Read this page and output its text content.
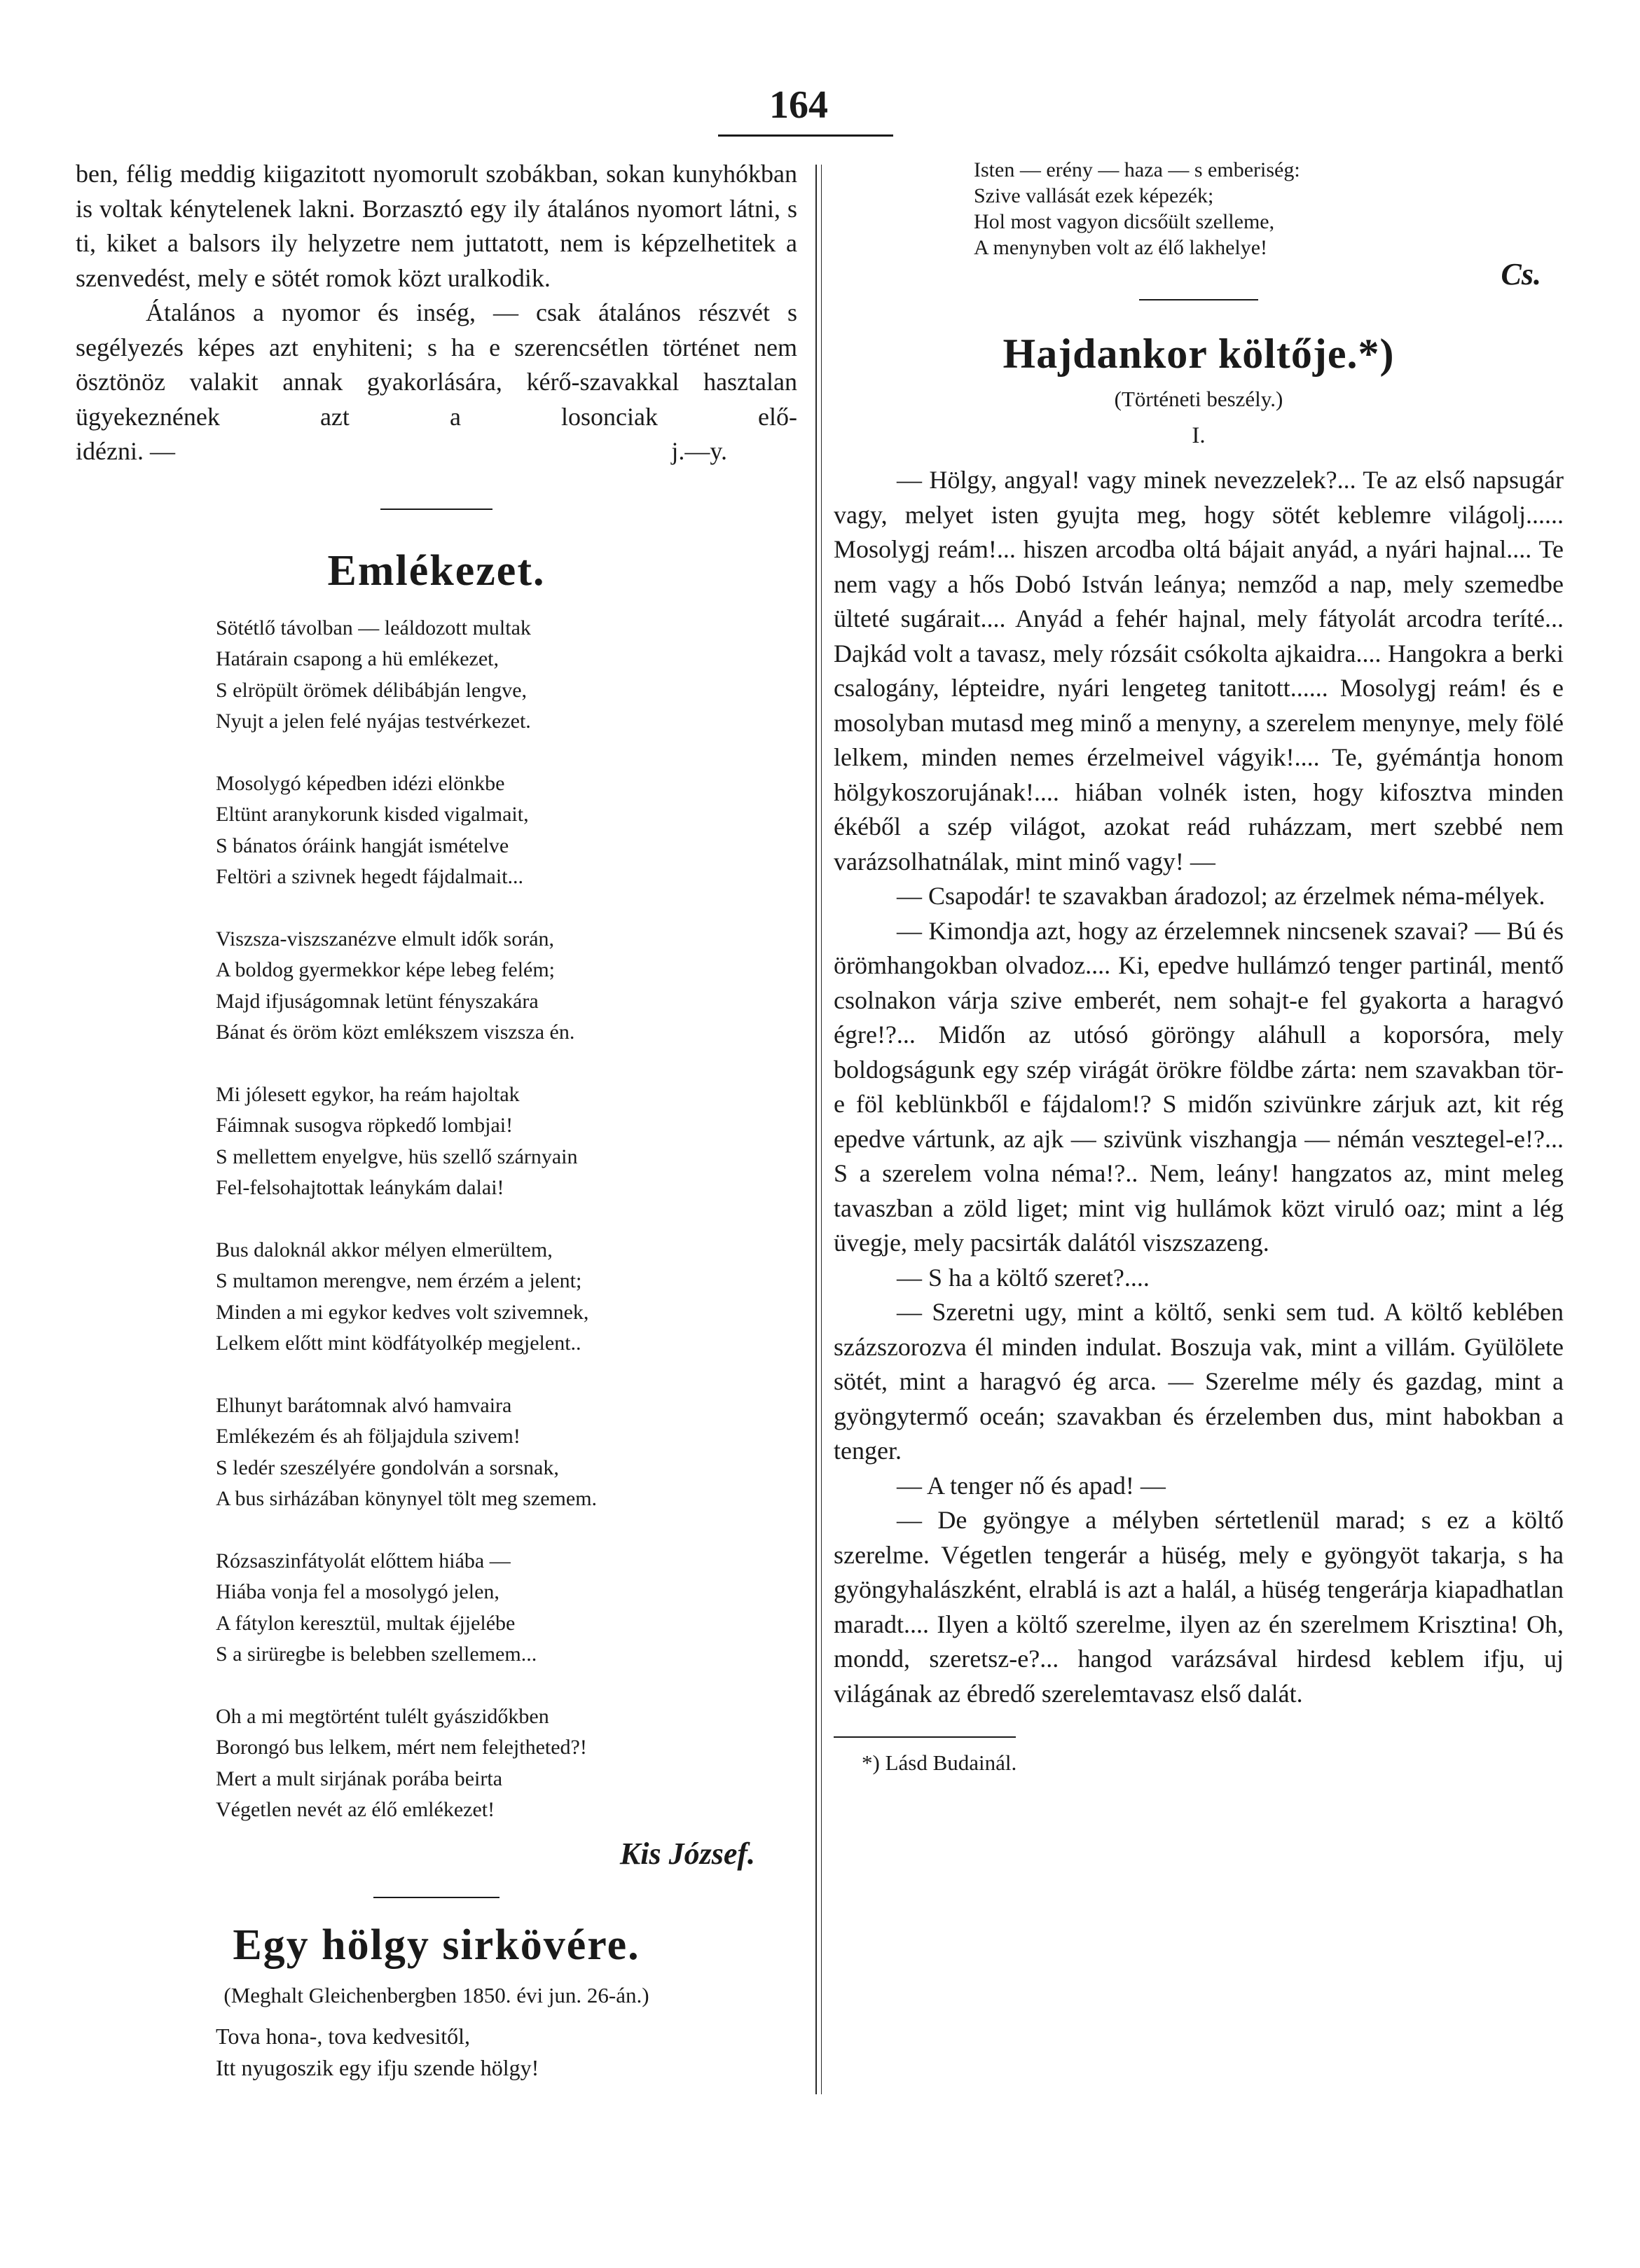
164

ben, félig meddig kiigazitott nyomorult szobákban, sokan kunyhókban is voltak kénytelenek lakni. Borzasztó egy ily átalános nyomort látni, s ti, kiket a balsors ily helyzetre nem juttatott, nem is képzelhetitek a szenvedést, mely e sötét romok közt uralkodik.

Átalános a nyomor és inség, — csak átalános részvét s segélyezés képes azt enyhiteni; s ha e szerencsétlen történet nem ösztönöz valakit annak gyakorlására, kérő-szavakkal hasztalan ügyekeznének azt a losonciak elő-

idézni. —	j.—y.
Emlékezet.
Sötétlő távolban — leáldozott multak
Határain csapong a hü emlékezet,
S elröpült örömek délibábján lengve,
Nyujt a jelen felé nyájas testvérkezet.
Mosolygó képedben idézi elönkbe
Eltünt aranykorunk kisded vigalmait,
S bánatos óráink hangját ismételve
Feltöri a szivnek hegedt fájdalmait...
Viszsza-viszszanézve elmult idők során,
A boldog gyermekkor képe lebeg felém;
Majd ifjuságomnak letünt fényszakára
Bánat és öröm közt emlékszem viszsza én.
Mi jólesett egykor, ha reám hajoltak
Fáimnak susogva röpkedő lombjai!
S mellettem enyelgve, hüs szellő szárnyain
Fel-felsohajtottak leánykám dalai!
Bus daloknál akkor mélyen elmerültem,
S multamon merengve, nem érzém a jelent;
Minden a mi egykor kedves volt szivemnek,
Lelkem előtt mint ködfátyolkép megjelent..
Elhunyt barátomnak alvó hamvaira
Emlékezém és ah följajdula szivem!
S ledér szeszélyére gondolván a sorsnak,
A bus sirházában könynyel tölt meg szemem.
Rózsaszinfátyolát előttem hiába —
Hiába vonja fel a mosolygó jelen,
A fátylon keresztül, multak éjjelébe
S a sirüregbe is belebben szellemem...
Oh a mi megtörtént tulélt gyászidőkben
Borongó bus lelkem, mért nem felejtheted?!
Mert a mult sirjának porába beirta
Végetlen nevét az élő emlékezet!
Kis József.
Egy hölgy sirkövére.
(Meghalt Gleichenbergben 1850. évi jun. 26-án.)
Tova hona-, tova kedvesitől,
Itt nyugoszik egy ifju szende hölgy!
Isten — erény — haza — s emberiség:
Szive vallását ezek képezék;
Hol most vagyon dicsőült szelleme,
A menynyben volt az élő lakhelye!
Cs.
Hajdankor költője.*)
(Történeti beszély.)
I.

— Hölgy, angyal! vagy minek nevezzelek?... Te az első napsugár vagy, melyet isten gyujta meg, hogy sötét keblemre világolj...... Mosolygj reám!... hiszen arcodba oltá bájait anyád, a nyári hajnal.... Te nem vagy a hős Dobó István leánya; nemződ a nap, mely szemedbe ülteté sugárait.... Anyád a fehér hajnal, mely fátyolát arcodra teríté... Dajkád volt a tavasz, mely rózsáit csókolta ajkaidra.... Hangokra a berki csalogány, lépteidre, nyári lengeteg tanitott...... Mosolygj reám! és e mosolyban mutasd meg minő a menyny, a szerelem menynye, mely fölé lelkem, minden nemes érzelmeivel vágyik!.... Te, gyémántja honom hölgykoszorujának!.... hiában volnék isten, hogy kifosztva minden ékéből a szép világot, azokat reád ruházzam, mert szebbé nem varázsolhatnálak, mint minő vagy! —

— Csapodár! te szavakban áradozol; az érzelmek néma-mélyek.

— Kimondja azt, hogy az érzelemnek nincsenek szavai? — Bú és örömhangokban olvadoz.... Ki, epedve hullámzó tenger partinál, mentő csolnakon várja szive emberét, nem sohajt-e fel gyakorta a haragvó égre!?... Midőn az utósó göröngy aláhull a koporsóra, mely boldogságunk egy szép virágát örökre földbe zárta: nem szavakban tör-e föl keblünkből e fájdalom!? S midőn szivünkre zárjuk azt, kit rég epedve vártunk, az ajk — szivünk viszhangja — némán vesztegel-e!?... S a szerelem volna néma!?.. Nem, leány! hangzatos az, mint meleg tavaszban a zöld liget; mint vig hullámok közt viruló oaz; mint a lég üvegje, mely pacsirták dalától viszszazeng.

— S ha a költő szeret?....

— Szeretni ugy, mint a költő, senki sem tud. A költő keblében százszorozva él minden indulat. Boszuja vak, mint a villám. Gyülölete sötét, mint a haragvó ég arca. — Szerelme mély és gazdag, mint a gyöngytermő oceán; szavakban és érzelemben dus, mint habokban a tenger.

— A tenger nő és apad! —

— De gyöngye a mélyben sértetlenül marad; s ez a költő szerelme. Végetlen tengerár a hüség, mely e gyöngyöt takarja, s ha gyöngyhalászként, elrablá is azt a halál, a hüség tengerárja kiapadhatlan maradt.... Ilyen a költő szerelme, ilyen az én szerelmem Krisztina! Oh, mondd, szeretsz-e?... hangod varázsával hirdesd keblem ifju, uj világának az ébredő szerelemtavasz első dalát.

*) Lásd Budainál.
